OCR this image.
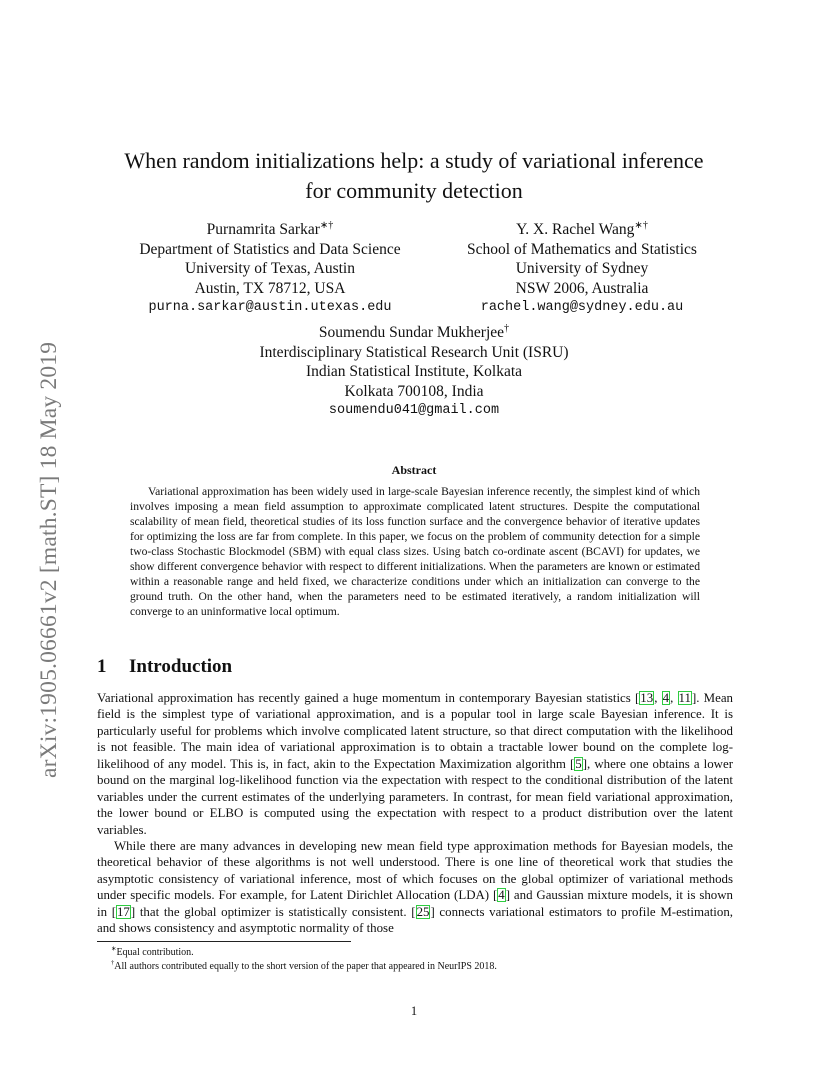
arXiv:1905.06661v2 [math.ST] 18 May 2019
When random initializations help: a study of variational inference
for community detection
Purnamrita Sarkar∗†
Department of Statistics and Data Science
University of Texas, Austin
Austin, TX 78712, USA
purna.sarkar@austin.utexas.edu
Y. X. Rachel Wang∗†
School of Mathematics and Statistics
University of Sydney
NSW 2006, Australia
rachel.wang@sydney.edu.au
Soumendu Sundar Mukherjee†
Interdisciplinary Statistical Research Unit (ISRU)
Indian Statistical Institute, Kolkata
Kolkata 700108, India
soumendu041@gmail.com
Abstract
Variational approximation has been widely used in large-scale Bayesian inference recently, the simplest kind of which involves imposing a mean field assumption to approximate complicated latent structures. Despite the computational scalability of mean field, theoretical studies of its loss function surface and the convergence behavior of iterative updates for optimizing the loss are far from complete. In this paper, we focus on the problem of community detection for a simple two-class Stochastic Blockmodel (SBM) with equal class sizes. Using batch co-ordinate ascent (BCAVI) for updates, we show different convergence behavior with respect to different initializations. When the parameters are known or estimated within a reasonable range and held fixed, we characterize conditions under which an initialization can converge to the ground truth. On the other hand, when the parameters need to be estimated iteratively, a random initialization will converge to an uninformative local optimum.
1 Introduction
Variational approximation has recently gained a huge momentum in contemporary Bayesian statistics [13, 4, 11]. Mean field is the simplest type of variational approximation, and is a popular tool in large scale Bayesian inference. It is particularly useful for problems which involve complicated latent structure, so that direct computation with the likelihood is not feasible. The main idea of variational approximation is to obtain a tractable lower bound on the complete log-likelihood of any model. This is, in fact, akin to the Expectation Maximization algorithm [5], where one obtains a lower bound on the marginal log-likelihood function via the expectation with respect to the conditional distribution of the latent variables under the current estimates of the underlying parameters. In contrast, for mean field variational approximation, the lower bound or ELBO is computed using the expectation with respect to a product distribution over the latent variables.
While there are many advances in developing new mean field type approximation methods for Bayesian models, the theoretical behavior of these algorithms is not well understood. There is one line of theoretical work that studies the asymptotic consistency of variational inference, most of which focuses on the global optimizer of variational methods under specific models. For example, for Latent Dirichlet Allocation (LDA) [4] and Gaussian mixture models, it is shown in [17] that the global optimizer is statistically consistent. [25] connects variational estimators to profile M-estimation, and shows consistency and asymptotic normality of those
∗Equal contribution.
†All authors contributed equally to the short version of the paper that appeared in NeurIPS 2018.
1
